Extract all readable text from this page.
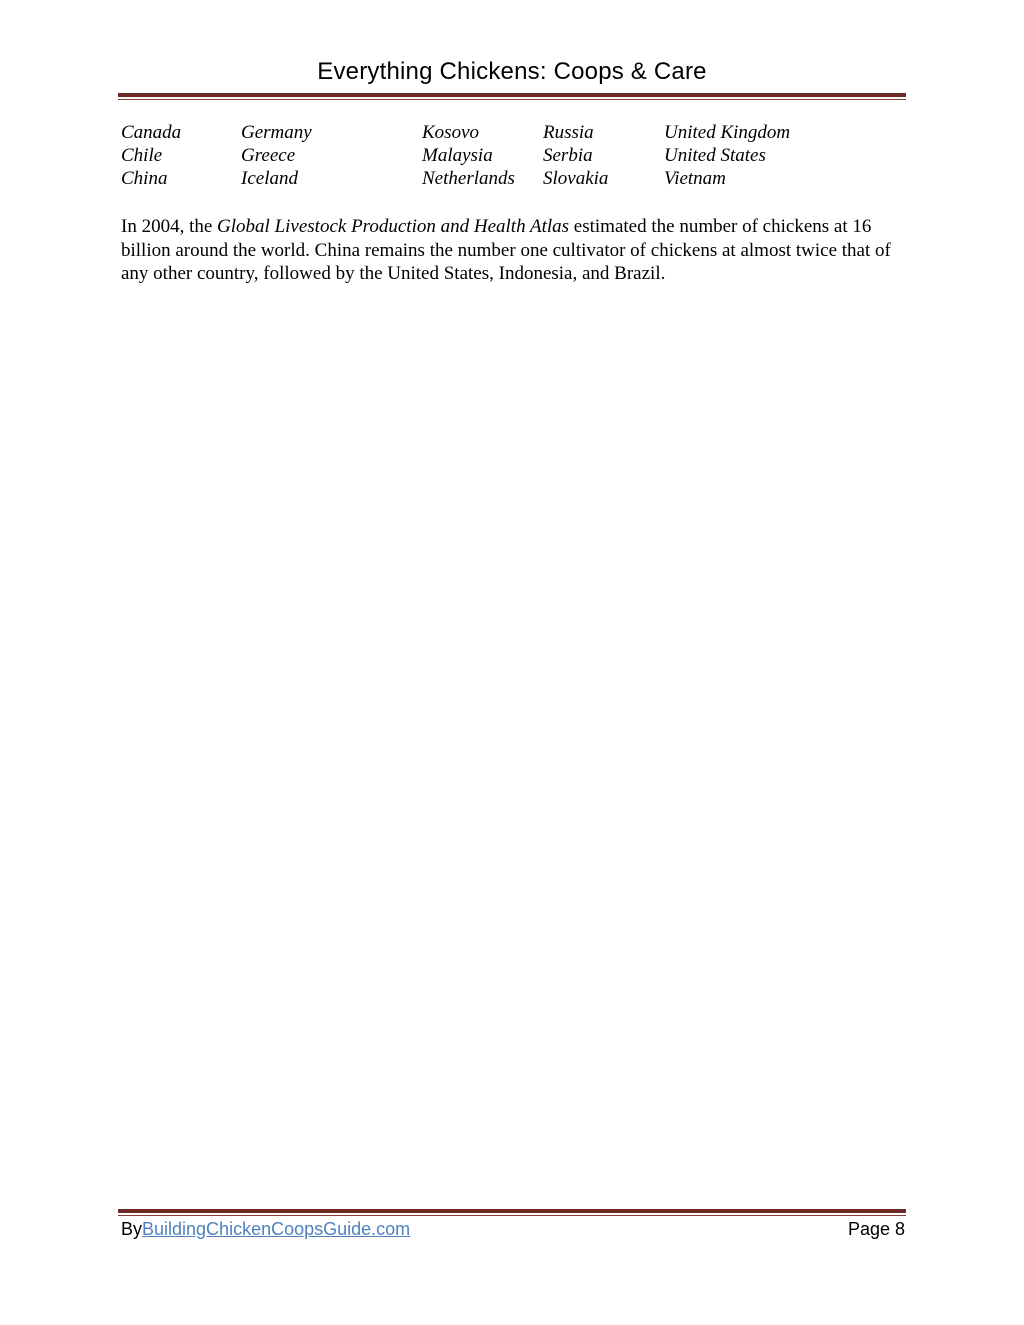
Everything Chickens: Coops & Care
Canada	Germany	Kosovo	Russia	United Kingdom
Chile	Greece	Malaysia	Serbia	United States
China	Iceland	Netherlands	Slovakia	Vietnam

In 2004, the Global Livestock Production and Health Atlas estimated the number of chickens at 16 billion around the world. China remains the number one cultivator of chickens at almost twice that of any other country, followed by the United States, Indonesia, and Brazil.

ByBuildingChickenCoopsGuide.com	Page 8
